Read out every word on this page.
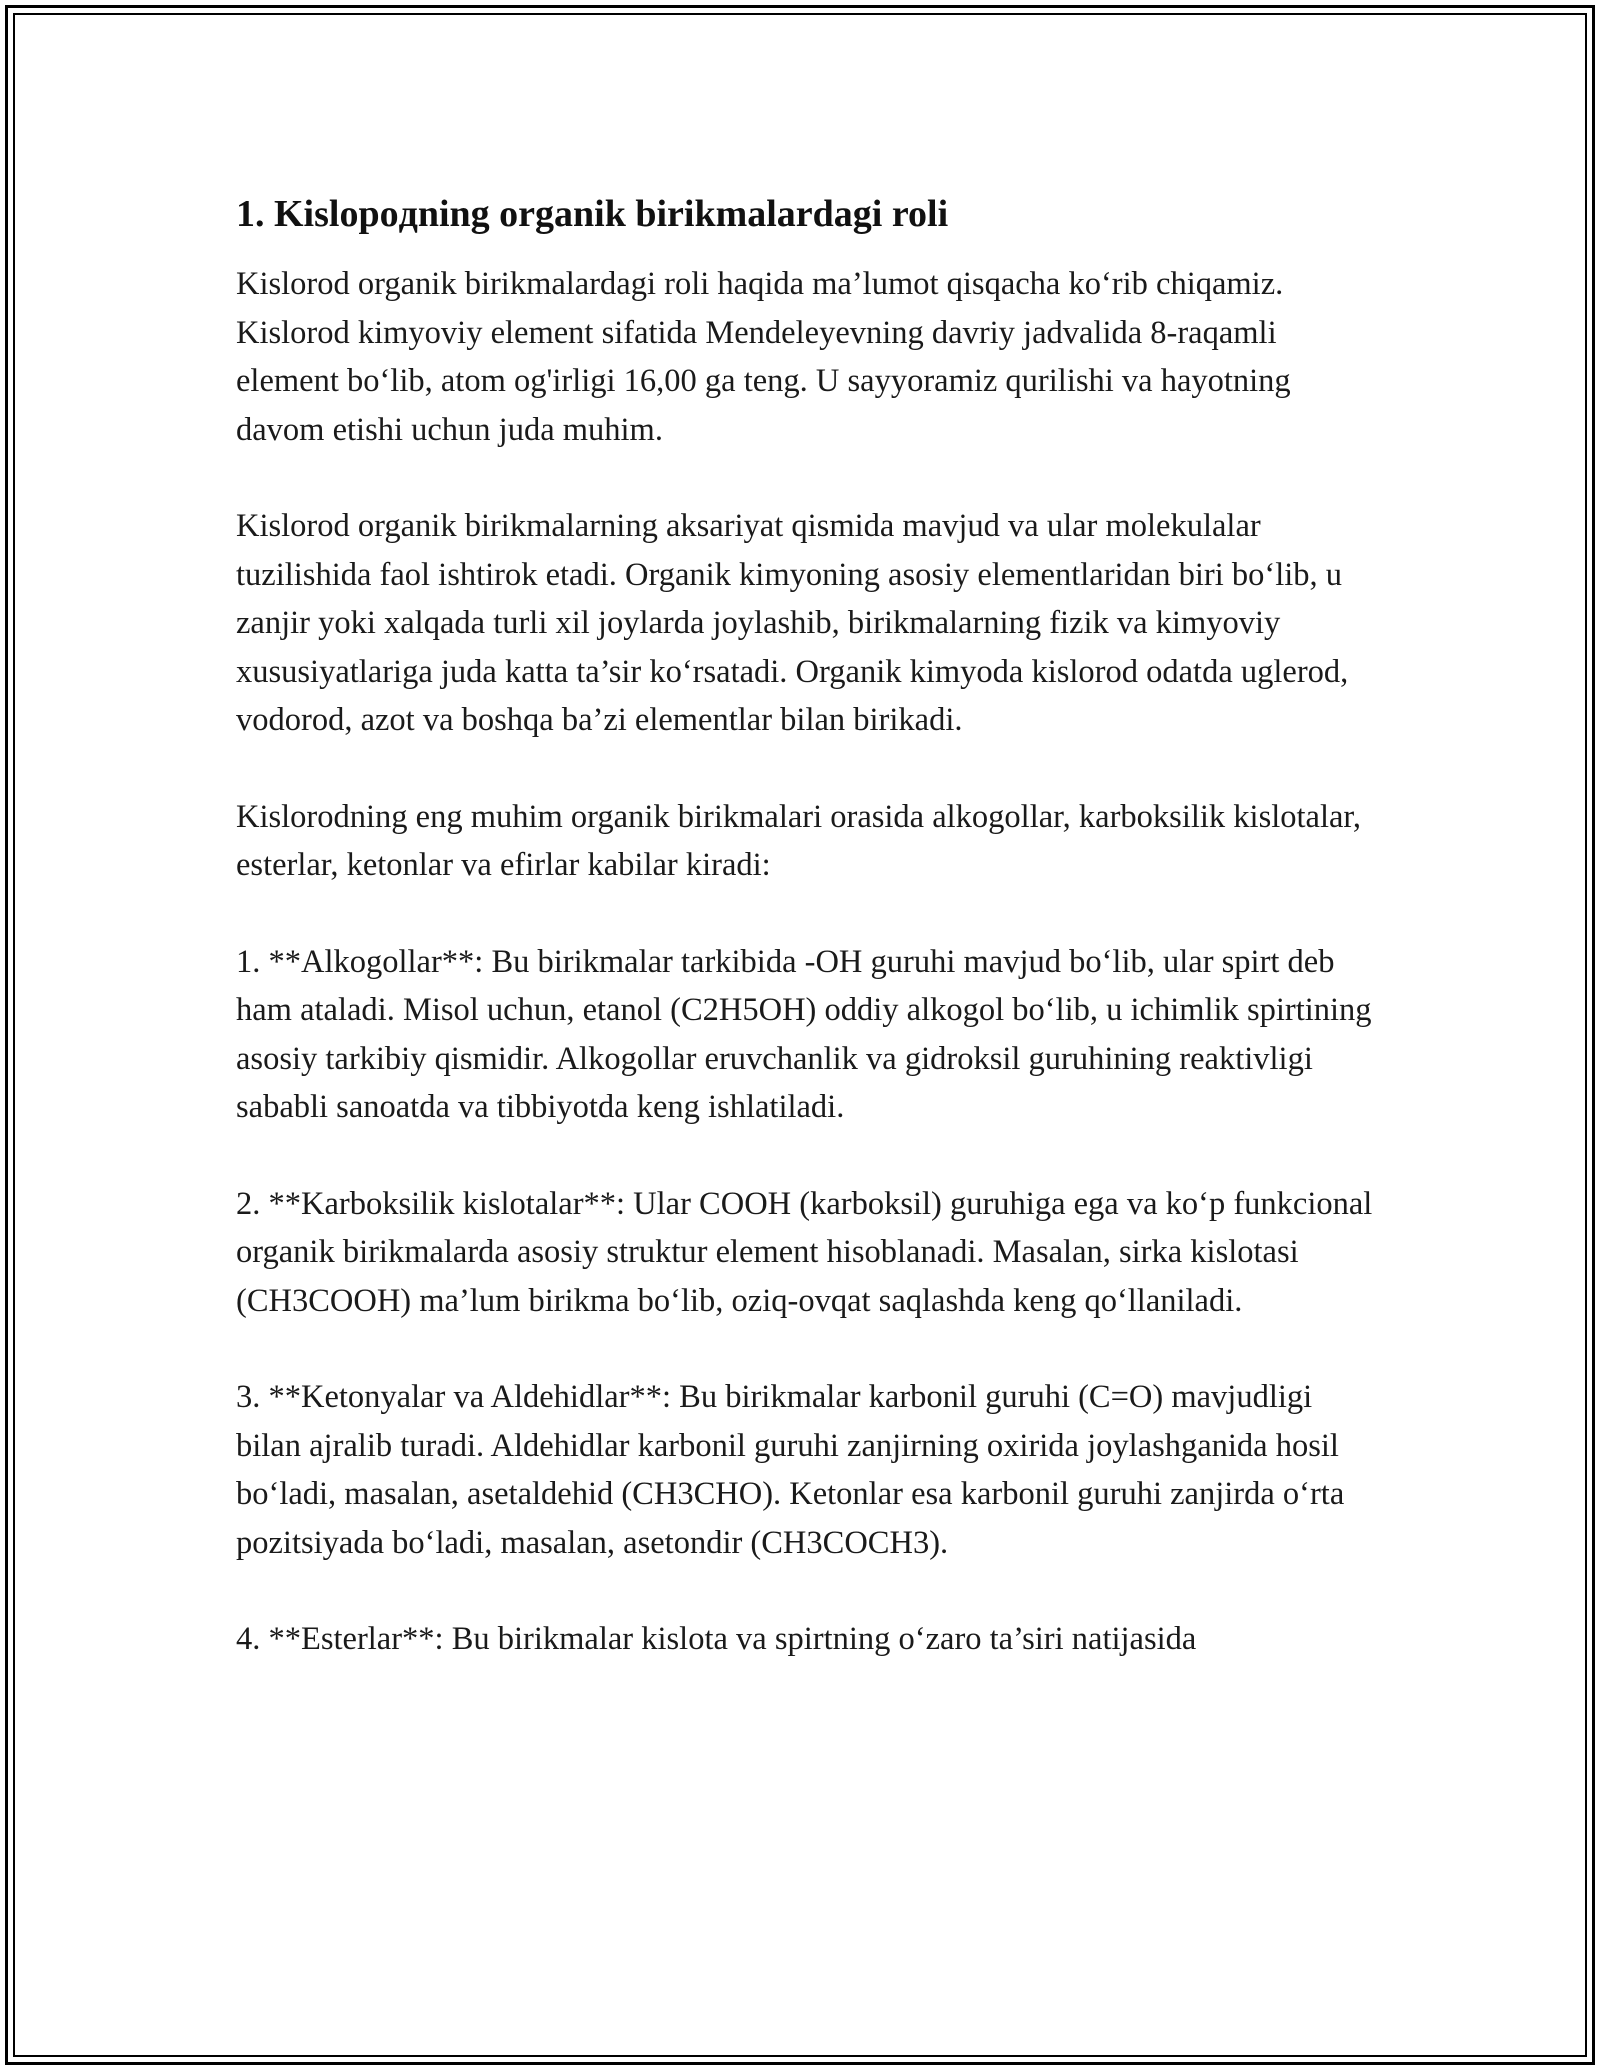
1. Kislopoдning organik birikmalardagi roli

Kislorod organik birikmalardagi roli haqida ma’lumot qisqacha ko‘rib chiqamiz. Kislorod kimyoviy element sifatida Mendeleyevning davriy jadvalida 8-raqamli element bo‘lib, atom og'irligi 16,00 ga teng. U sayyoramiz qurilishi va hayotning davom etishi uchun juda muhim.

Kislorod organik birikmalarning aksariyat qismida mavjud va ular molekulalar tuzilishida faol ishtirok etadi. Organik kimyoning asosiy elementlaridan biri bo‘lib, u zanjir yoki xalqada turli xil joylarda joylashib, birikmalarning fizik va kimyoviy xususiyatlariga juda katta ta’sir ko‘rsatadi. Organik kimyoda kislorod odatda uglerod, vodorod, azot va boshqa ba’zi elementlar bilan birikadi.

Kislorodning eng muhim organik birikmalari orasida alkogollar, karboksilik kislotalar, esterlar, ketonlar va efirlar kabilar kiradi:

1. **Alkogollar**: Bu birikmalar tarkibida -OH guruhi mavjud bo‘lib, ular spirt deb ham ataladi. Misol uchun, etanol (C2H5OH) oddiy alkogol bo‘lib, u ichimlik spirtining asosiy tarkibiy qismidir. Alkogollar eruvchanlik va gidroksil guruhining reaktivligi sababli sanoatda va tibbiyotda keng ishlatiladi.

2. **Karboksilik kislotalar**: Ular COOH (karboksil) guruhiga ega va ko‘p funkcional organik birikmalarda asosiy struktur element hisoblanadi. Masalan, sirka kislotasi (CH3COOH) ma’lum birikma bo‘lib, oziq-ovqat saqlashda keng qo‘llaniladi.

3. **Ketonyalar va Aldehidlar**: Bu birikmalar karbonil guruhi (C=O) mavjudligi bilan ajralib turadi. Aldehidlar karbonil guruhi zanjirning oxirida joylashganida hosil bo‘ladi, masalan, asetaldehid (CH3CHO). Ketonlar esa karbonil guruhi zanjirda o‘rta pozitsiyada bo‘ladi, masalan, asetondir (CH3COCH3).

4. **Esterlar**: Bu birikmalar kislota va spirtning o‘zaro ta’siri natijasida
